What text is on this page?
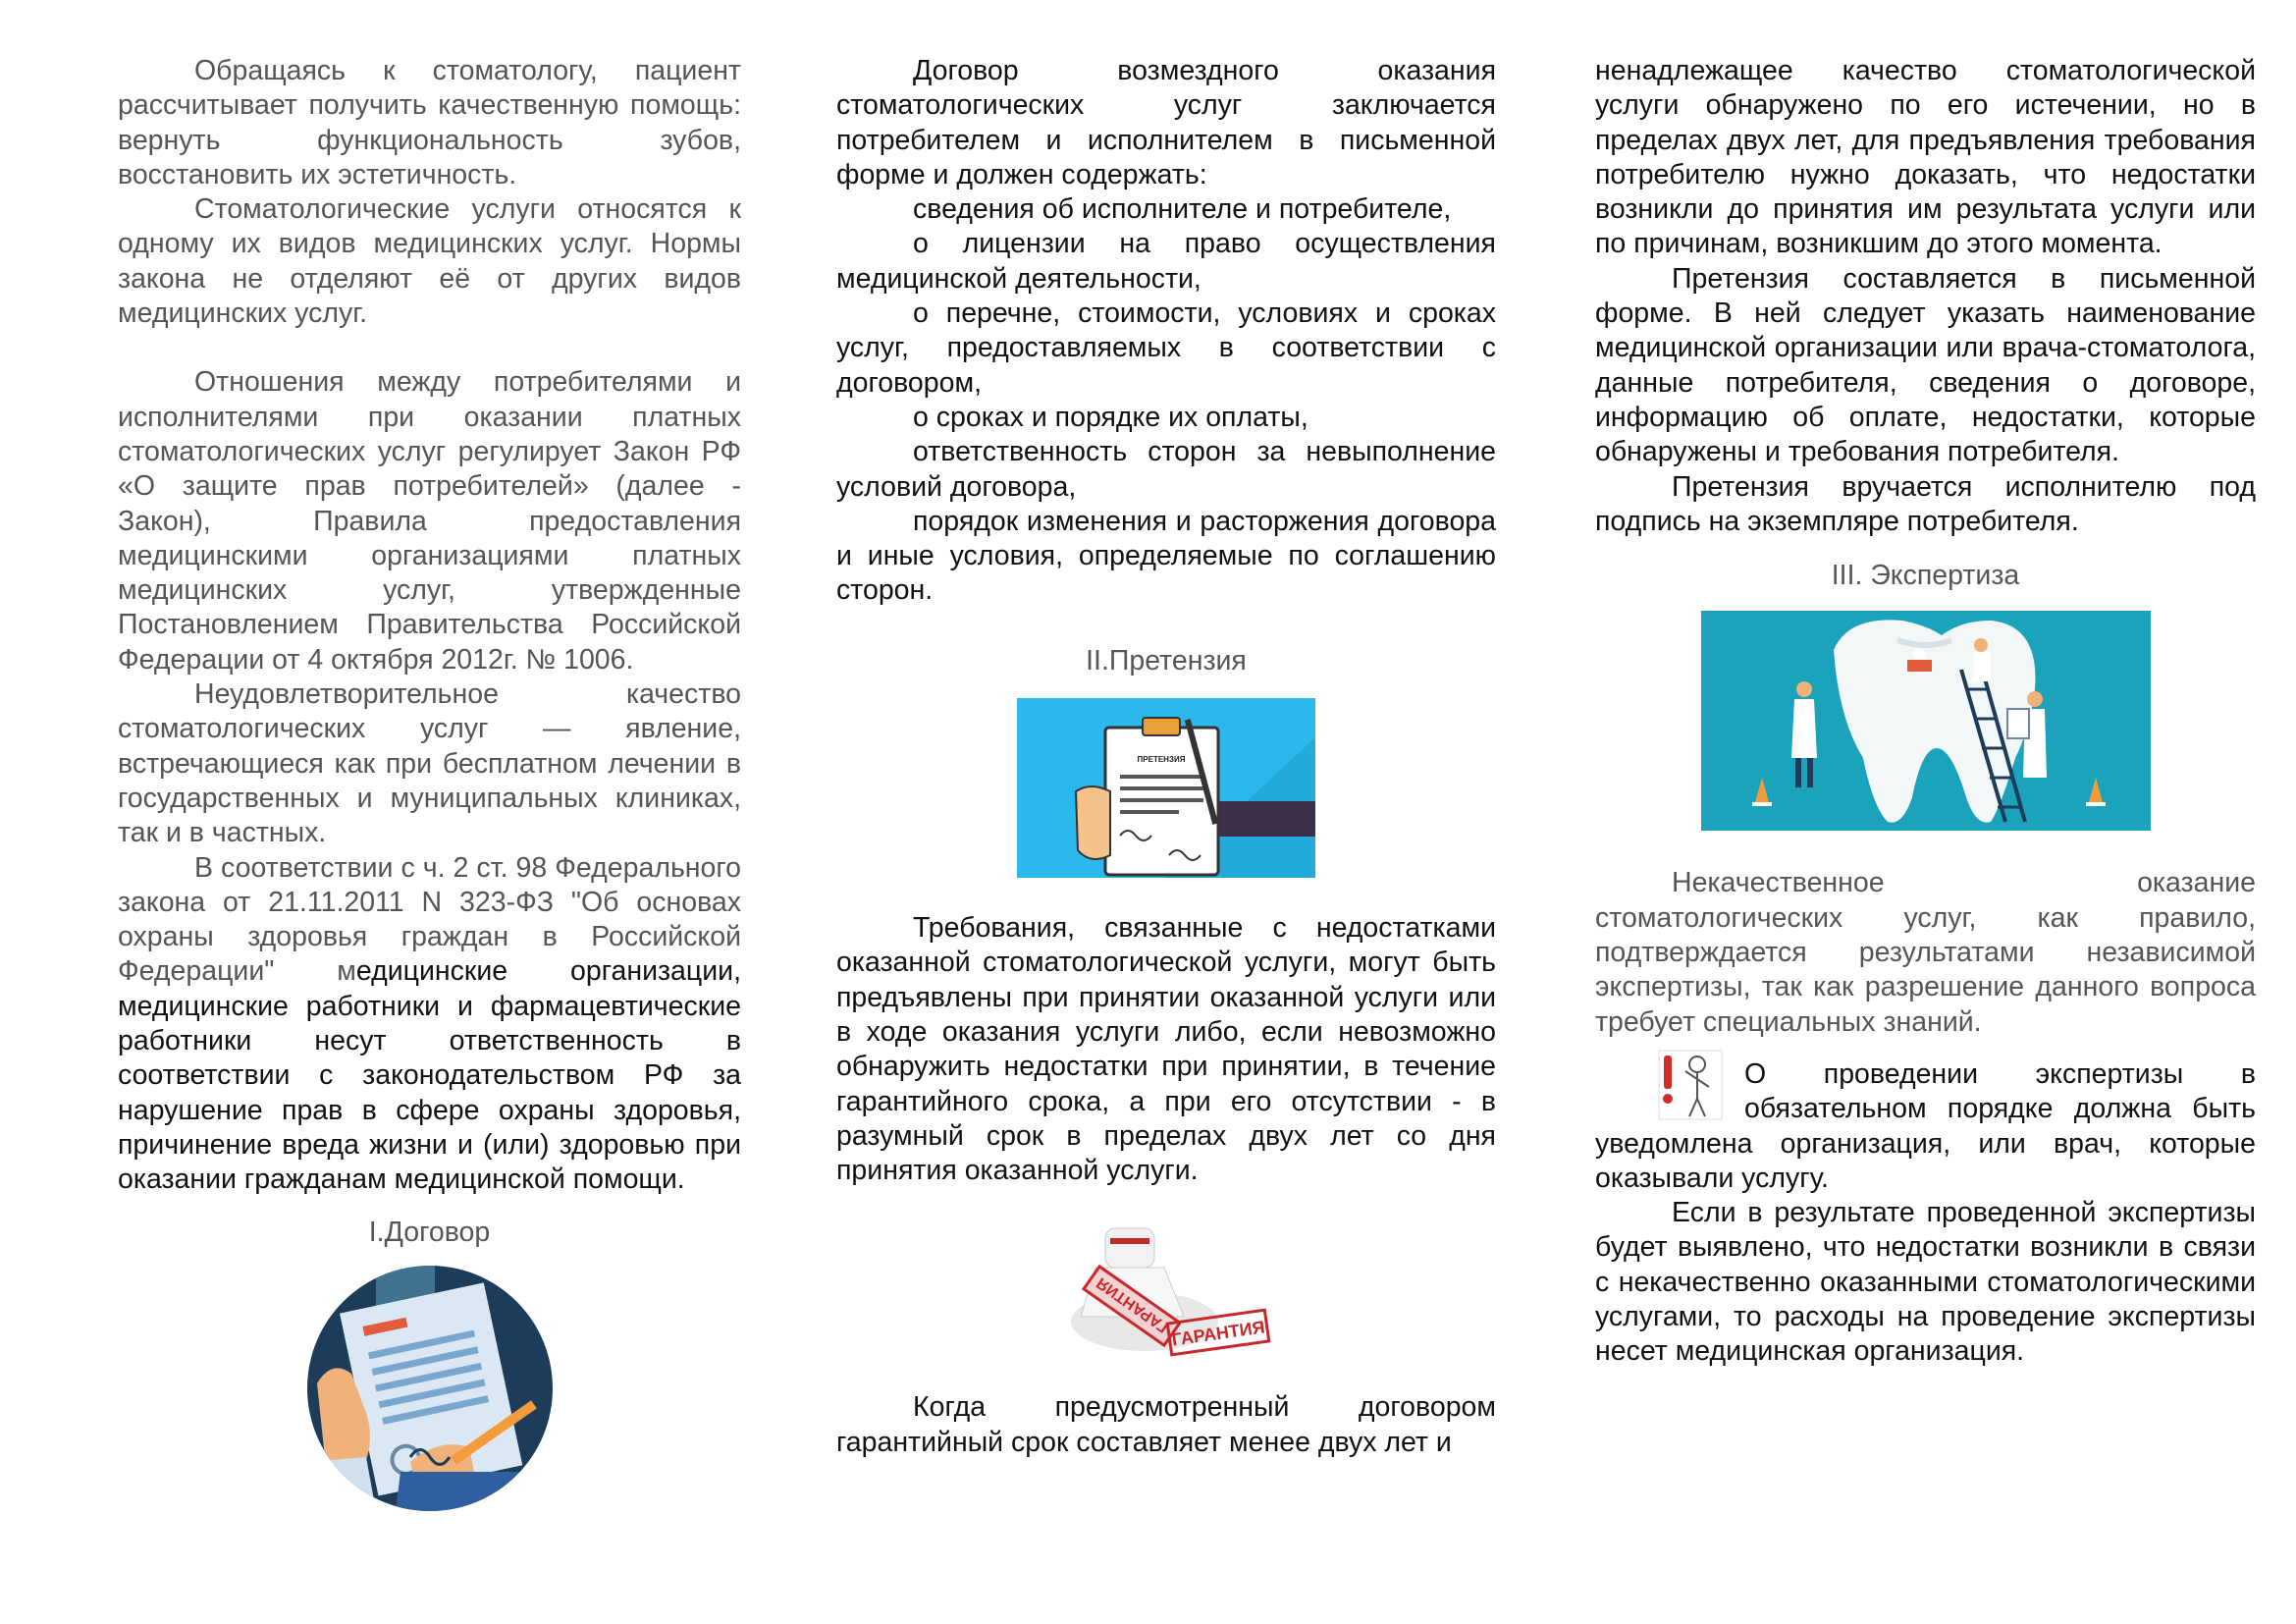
Обращаясь к стоматологу, пациент рассчитывает получить качественную помощь: вернуть функциональность зубов, восстановить их эстетичность.

Стоматологические услуги относятся к одному их видов медицинских услуг. Нормы закона не отделяют её от других видов медицинских услуг.

Отношения между потребителями и исполнителями при оказании платных стоматологических услуг регулирует Закон РФ «О защите прав потребителей» (далее - Закон), Правила предоставления медицинскими организациями платных медицинских услуг, утвержденные Постановлением Правительства Российской Федерации от 4 октября 2012г. № 1006.

Неудовлетворительное качество стоматологических услуг — явление, встречающиеся как при бесплатном лечении в государственных и муниципальных клиниках, так и в частных.

В соответствии с ч. 2 ст. 98 Федерального закона от 21.11.2011 N 323-ФЗ "Об основах охраны здоровья граждан в Российской Федерации" медицинские организации, медицинские работники и фармацевтические работники несут ответственность в соответствии с законодательством РФ за нарушение прав в сфере охраны здоровья, причинение вреда жизни и (или) здоровью при оказании гражданам медицинской помощи.

I.Договор

Договор возмездного оказания стоматологических услуг заключается потребителем и исполнителем в письменной форме и должен содержать:

сведения об исполнителе и потребителе,

о лицензии на право осуществления медицинской деятельности,

о перечне, стоимости, условиях и сроках услуг, предоставляемых в соответствии с договором,

о сроках и порядке их оплаты,

ответственность сторон за невыполнение условий договора,

порядок изменения и расторжения договора и иные условия, определяемые по соглашению сторон.

II.Претензия

ПРЕТЕНЗИЯ

Требования, связанные с недостатками оказанной стоматологической услуги, могут быть предъявлены при принятии оказанной услуги или в ходе оказания услуги либо, если невозможно обнаружить недостатки при принятии, в течение гарантийного срока, а при его отсутствии - в разумный срок в пределах двух лет со дня принятия оказанной услуги.

ГАРАНТИЯ ГАРАНТИЯ

Когда предусмотренный договором гарантийный срок составляет менее двух лет и

ненадлежащее качество стоматологической услуги обнаружено по его истечении, но в пределах двух лет, для предъявления требования потребителю нужно доказать, что недостатки возникли до принятия им результата услуги или по причинам, возникшим до этого момента.

Претензия составляется в письменной форме. В ней следует указать наименование медицинской организации или врача-стоматолога, данные потребителя, сведения о договоре, информацию об оплате, недостатки, которые обнаружены и требования потребителя.

Претензия вручается исполнителю под подпись на экземпляре потребителя.

III. Экспертиза

Некачественное оказание стоматологических услуг, как правило, подтверждается результатами независимой экспертизы, так как разрешение данного вопроса требует специальных знаний.

О проведении экспертизы в обязательном порядке должна быть уведомлена организация, или врач, которые оказывали услугу.

Если в результате проведенной экспертизы будет выявлено, что недостатки возникли в связи с некачественно оказанными стоматологическими услугами, то расходы на проведение экспертизы несет медицинская организация.
